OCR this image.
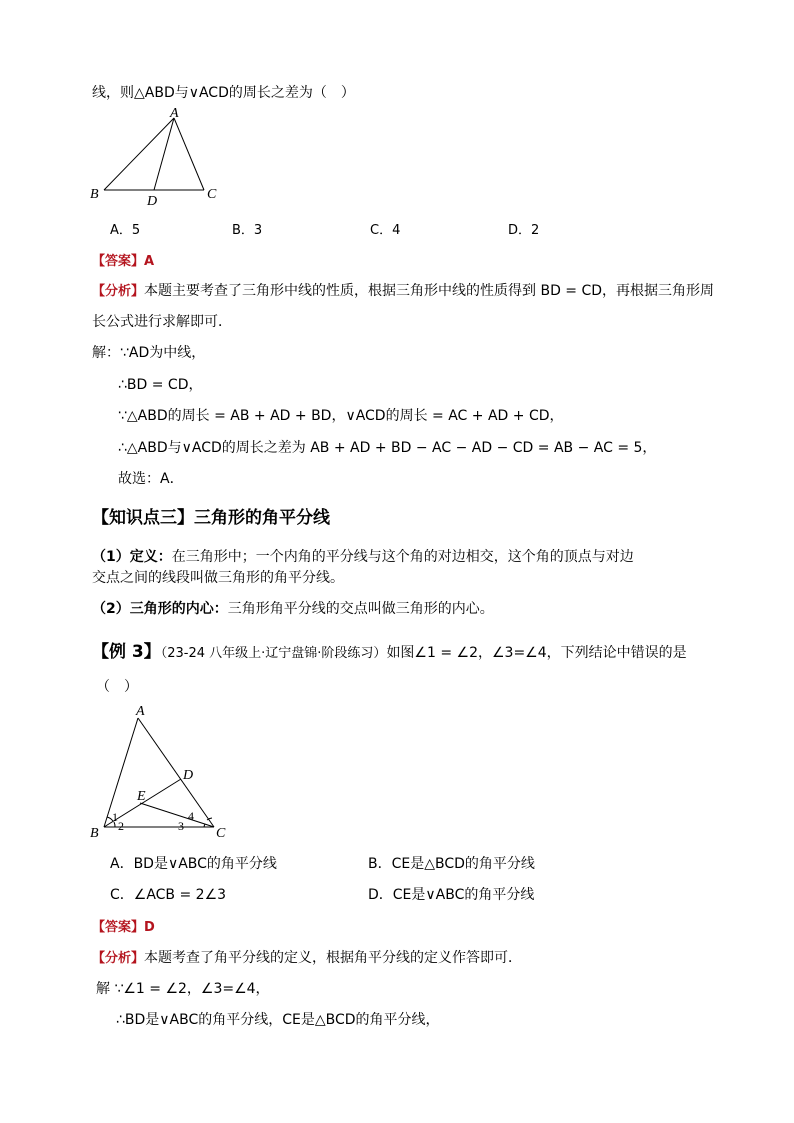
线，则△ABD与∨ACD的周长之差为（　）
A
B	C
D
A．5	B．3	C．4	D．2
【答案】A
【分析】本题主要考查了三角形中线的性质，根据三角形中线的性质得到 BD = CD，再根据三角形周
长公式进行求解即可．
解：∵AD为中线，
∴BD = CD，
∵△ABD的周长 = AB + AD + BD，∨ACD的周长 = AC + AD + CD，
∴△ABD与∨ACD的周长之差为 AB + AD + BD − AC − AD − CD = AB − AC = 5，
故选：A．
【知识点三】三角形的角平分线
（1）定义：在三角形中；一个内角的平分线与这个角的对边相交，这个角的顶点与对边
交点之间的线段叫做三角形的角平分线。
（2）三角形的内心：三角形角平分线的交点叫做三角形的内心。
【例 3】（23-24 八年级上·辽宁盘锦·阶段练习）如图∠1 = ∠2，∠3=∠4，下列结论中错误的是
（　）
A
B	C
D
E
1
2	3
4
A．BD是∨ABC的角平分线	B．CE是△BCD的角平分线
C．∠ACB = 2∠3	D．CE是∨ABC的角平分线
【答案】D
【分析】本题考查了角平分线的定义，根据角平分线的定义作答即可．
解 ∵∠1 = ∠2，∠3=∠4，
∴BD是∨ABC的角平分线，CE是△BCD的角平分线，
